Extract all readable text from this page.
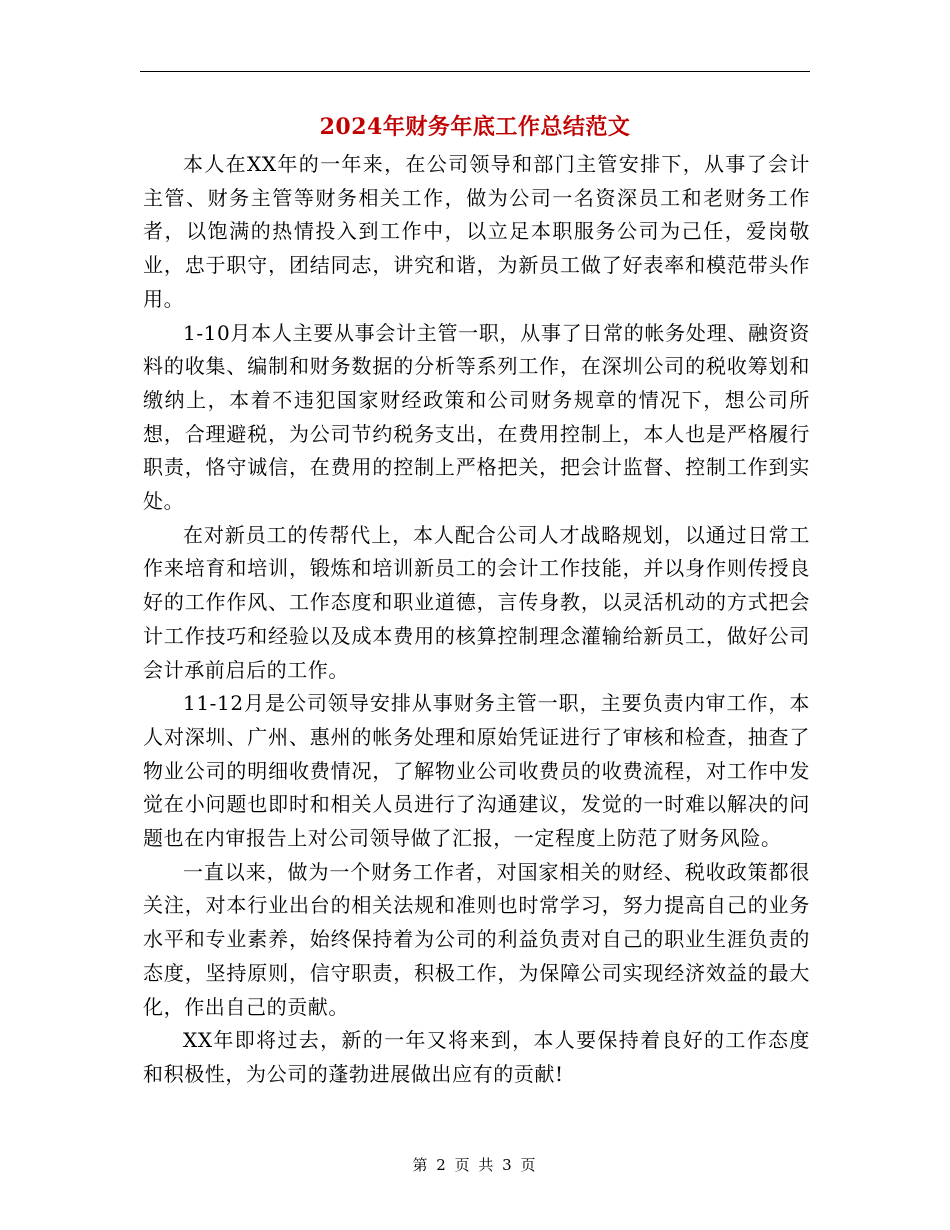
2024年财务年底工作总结范文

本人在XX年的一年来，在公司领导和部门主管安排下，从事了会计主管、财务主管等财务相关工作，做为公司一名资深员工和老财务工作者，以饱满的热情投入到工作中，以立足本职服务公司为己任，爱岗敬业，忠于职守，团结同志，讲究和谐，为新员工做了好表率和模范带头作用。

1-10月本人主要从事会计主管一职，从事了日常的帐务处理、融资资料的收集、编制和财务数据的分析等系列工作，在深圳公司的税收筹划和缴纳上，本着不违犯国家财经政策和公司财务规章的情况下，想公司所想，合理避税，为公司节约税务支出，在费用控制上，本人也是严格履行职责，恪守诚信，在费用的控制上严格把关，把会计监督、控制工作到实处。

在对新员工的传帮代上，本人配合公司人才战略规划，以通过日常工作来培育和培训，锻炼和培训新员工的会计工作技能，并以身作则传授良好的工作作风、工作态度和职业道德，言传身教，以灵活机动的方式把会计工作技巧和经验以及成本费用的核算控制理念灌输给新员工，做好公司会计承前启后的工作。

11-12月是公司领导安排从事财务主管一职，主要负责内审工作，本人对深圳、广州、惠州的帐务处理和原始凭证进行了审核和检查，抽查了物业公司的明细收费情况，了解物业公司收费员的收费流程，对工作中发觉在小问题也即时和相关人员进行了沟通建议，发觉的一时难以解决的问题也在内审报告上对公司领导做了汇报，一定程度上防范了财务风险。

一直以来，做为一个财务工作者，对国家相关的财经、税收政策都很关注，对本行业出台的相关法规和准则也时常学习，努力提高自己的业务水平和专业素养，始终保持着为公司的利益负责对自己的职业生涯负责的态度，坚持原则，信守职责，积极工作，为保障公司实现经济效益的最大化，作出自己的贡献。

XX年即将过去，新的一年又将来到，本人要保持着良好的工作态度和积极性，为公司的蓬勃进展做出应有的贡献!

第 2 页 共 3 页
